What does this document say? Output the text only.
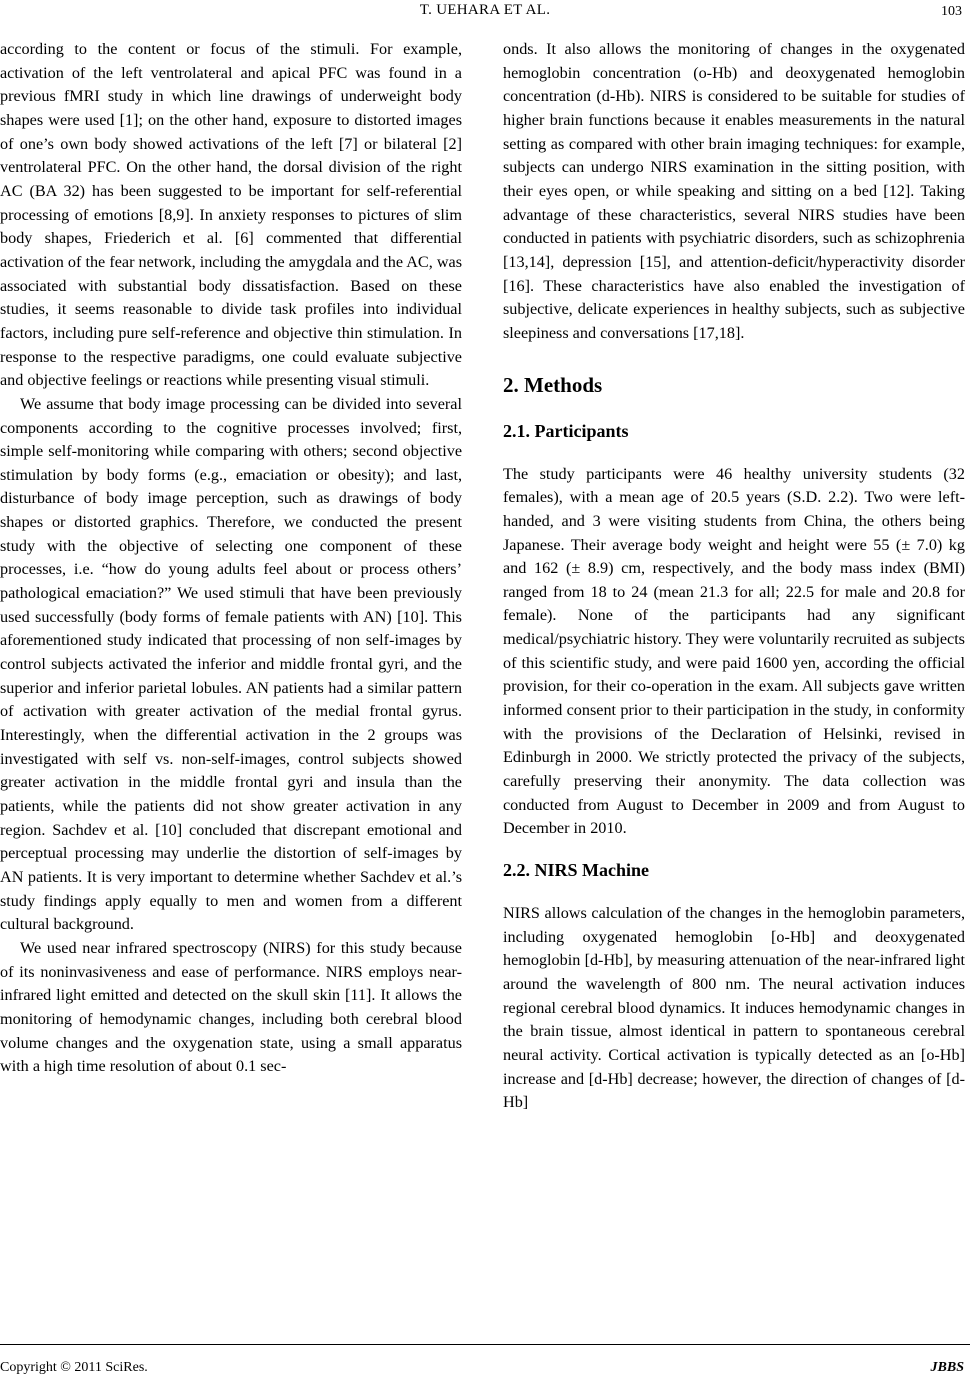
T. UEHARA ET AL.	103

according to the content or focus of the stimuli. For example, activation of the left ventrolateral and apical PFC was found in a previous fMRI study in which line drawings of underweight body shapes were used [1]; on the other hand, exposure to distorted images of one’s own body showed activations of the left [7] or bilateral [2] ventrolateral PFC. On the other hand, the dorsal division of the right AC (BA 32) has been suggested to be important for self-referential processing of emotions [8,9]. In anxiety responses to pictures of slim body shapes, Friederich et al. [6] commented that differential activation of the fear network, including the amygdala and the AC, was associated with substantial body dissatisfaction. Based on these studies, it seems reasonable to divide task profiles into individual factors, including pure self-reference and objective thin stimulation. In response to the respective paradigms, one could evaluate subjective and objective feelings or reactions while presenting visual stimuli.

We assume that body image processing can be divided into several components according to the cognitive processes involved; first, simple self-monitoring while comparing with others; second objective stimulation by body forms (e.g., emaciation or obesity); and last, disturbance of body image perception, such as drawings of body shapes or distorted graphics. Therefore, we conducted the present study with the objective of selecting one component of these processes, i.e. “how do young adults feel about or process others’ pathological emaciation?” We used stimuli that have been previously used successfully (body forms of female patients with AN) [10]. This aforementioned study indicated that processing of non self-images by control subjects activated the inferior and middle frontal gyri, and the superior and inferior parietal lobules. AN patients had a similar pattern of activation with greater activation of the medial frontal gyrus. Interestingly, when the differential activation in the 2 groups was investigated with self vs. non-self-images, control subjects showed greater activation in the middle frontal gyri and insula than the patients, while the patients did not show greater activation in any region. Sachdev et al. [10] concluded that discrepant emotional and perceptual processing may underlie the distortion of self-images by AN patients. It is very important to determine whether Sachdev et al.’s study findings apply equally to men and women from a different cultural background.

We used near infrared spectroscopy (NIRS) for this study because of its noninvasiveness and ease of performance. NIRS employs near-infrared light emitted and detected on the skull skin [11]. It allows the monitoring of hemodynamic changes, including both cerebral blood volume changes and the oxygenation state, using a small apparatus with a high time resolution of about 0.1 sec-

onds. It also allows the monitoring of changes in the oxygenated hemoglobin concentration (o-Hb) and deoxygenated hemoglobin concentration (d-Hb). NIRS is considered to be suitable for studies of higher brain functions because it enables measurements in the natural setting as compared with other brain imaging techniques: for example, subjects can undergo NIRS examination in the sitting position, with their eyes open, or while speaking and sitting on a bed [12]. Taking advantage of these characteristics, several NIRS studies have been conducted in patients with psychiatric disorders, such as schizophrenia [13,14], depression [15], and attention-deficit/hyperactivity disorder [16]. These characteristics have also enabled the investigation of subjective, delicate experiences in healthy subjects, such as subjective sleepiness and conversations [17,18].

2. Methods
2.1. Participants

The study participants were 46 healthy university students (32 females), with a mean age of 20.5 years (S.D. 2.2). Two were left-handed, and 3 were visiting students from China, the others being Japanese. Their average body weight and height were 55 (± 7.0) kg and 162 (± 8.9) cm, respectively, and the body mass index (BMI) ranged from 18 to 24 (mean 21.3 for all; 22.5 for male and 20.8 for female). None of the participants had any significant medical/psychiatric history. They were voluntarily recruited as subjects of this scientific study, and were paid 1600 yen, according the official provision, for their co-operation in the exam. All subjects gave written informed consent prior to their participation in the study, in conformity with the provisions of the Declaration of Helsinki, revised in Edinburgh in 2000. We strictly protected the privacy of the subjects, carefully preserving their anonymity. The data collection was conducted from August to December in 2009 and from August to December in 2010.

2.2. NIRS Machine

NIRS allows calculation of the changes in the hemoglobin parameters, including oxygenated hemoglobin [o-Hb] and deoxygenated hemoglobin [d-Hb], by measuring attenuation of the near-infrared light around the wavelength of 800 nm. The neural activation induces regional cerebral blood dynamics. It induces hemodynamic changes in the brain tissue, almost identical in pattern to spontaneous cerebral neural activity. Cortical activation is typically detected as an [o-Hb] increase and [d-Hb] decrease; however, the direction of changes of [d-Hb]

Copyright © 2011 SciRes.	JBBS
